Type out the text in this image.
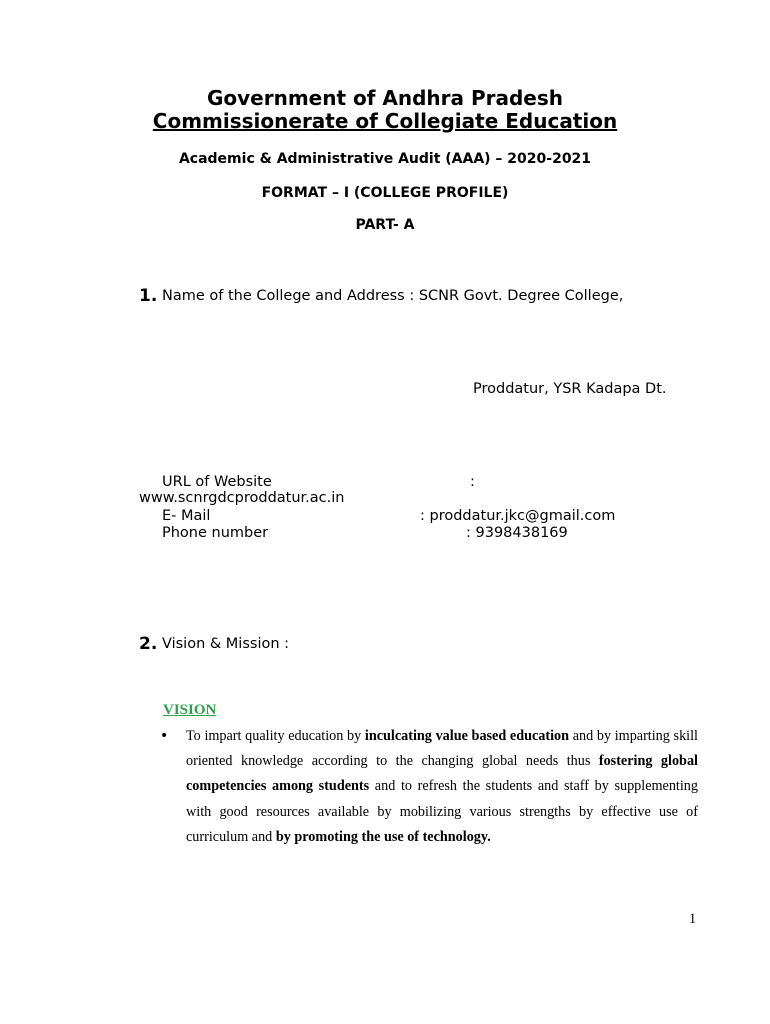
Government of Andhra Pradesh
Commissionerate of Collegiate Education
Academic & Administrative Audit (AAA) – 2020-2021
FORMAT – I (COLLEGE PROFILE)
PART- A
1. Name of the College and Address : SCNR Govt. Degree College,
Proddatur, YSR Kadapa Dt.
URL of Website	:
www.scnrgdcproddatur.ac.in
E- Mail	: proddatur.jkc@gmail.com
Phone number	: 9398438169
2. Vision & Mission :
VISION
• To impart quality education by inculcating value based education and by imparting skill oriented knowledge according to the changing global needs thus fostering global competencies among students and to refresh the students and staff by supplementing with good resources available by mobilizing various strengths by effective use of curriculum and by promoting the use of technology.
1
